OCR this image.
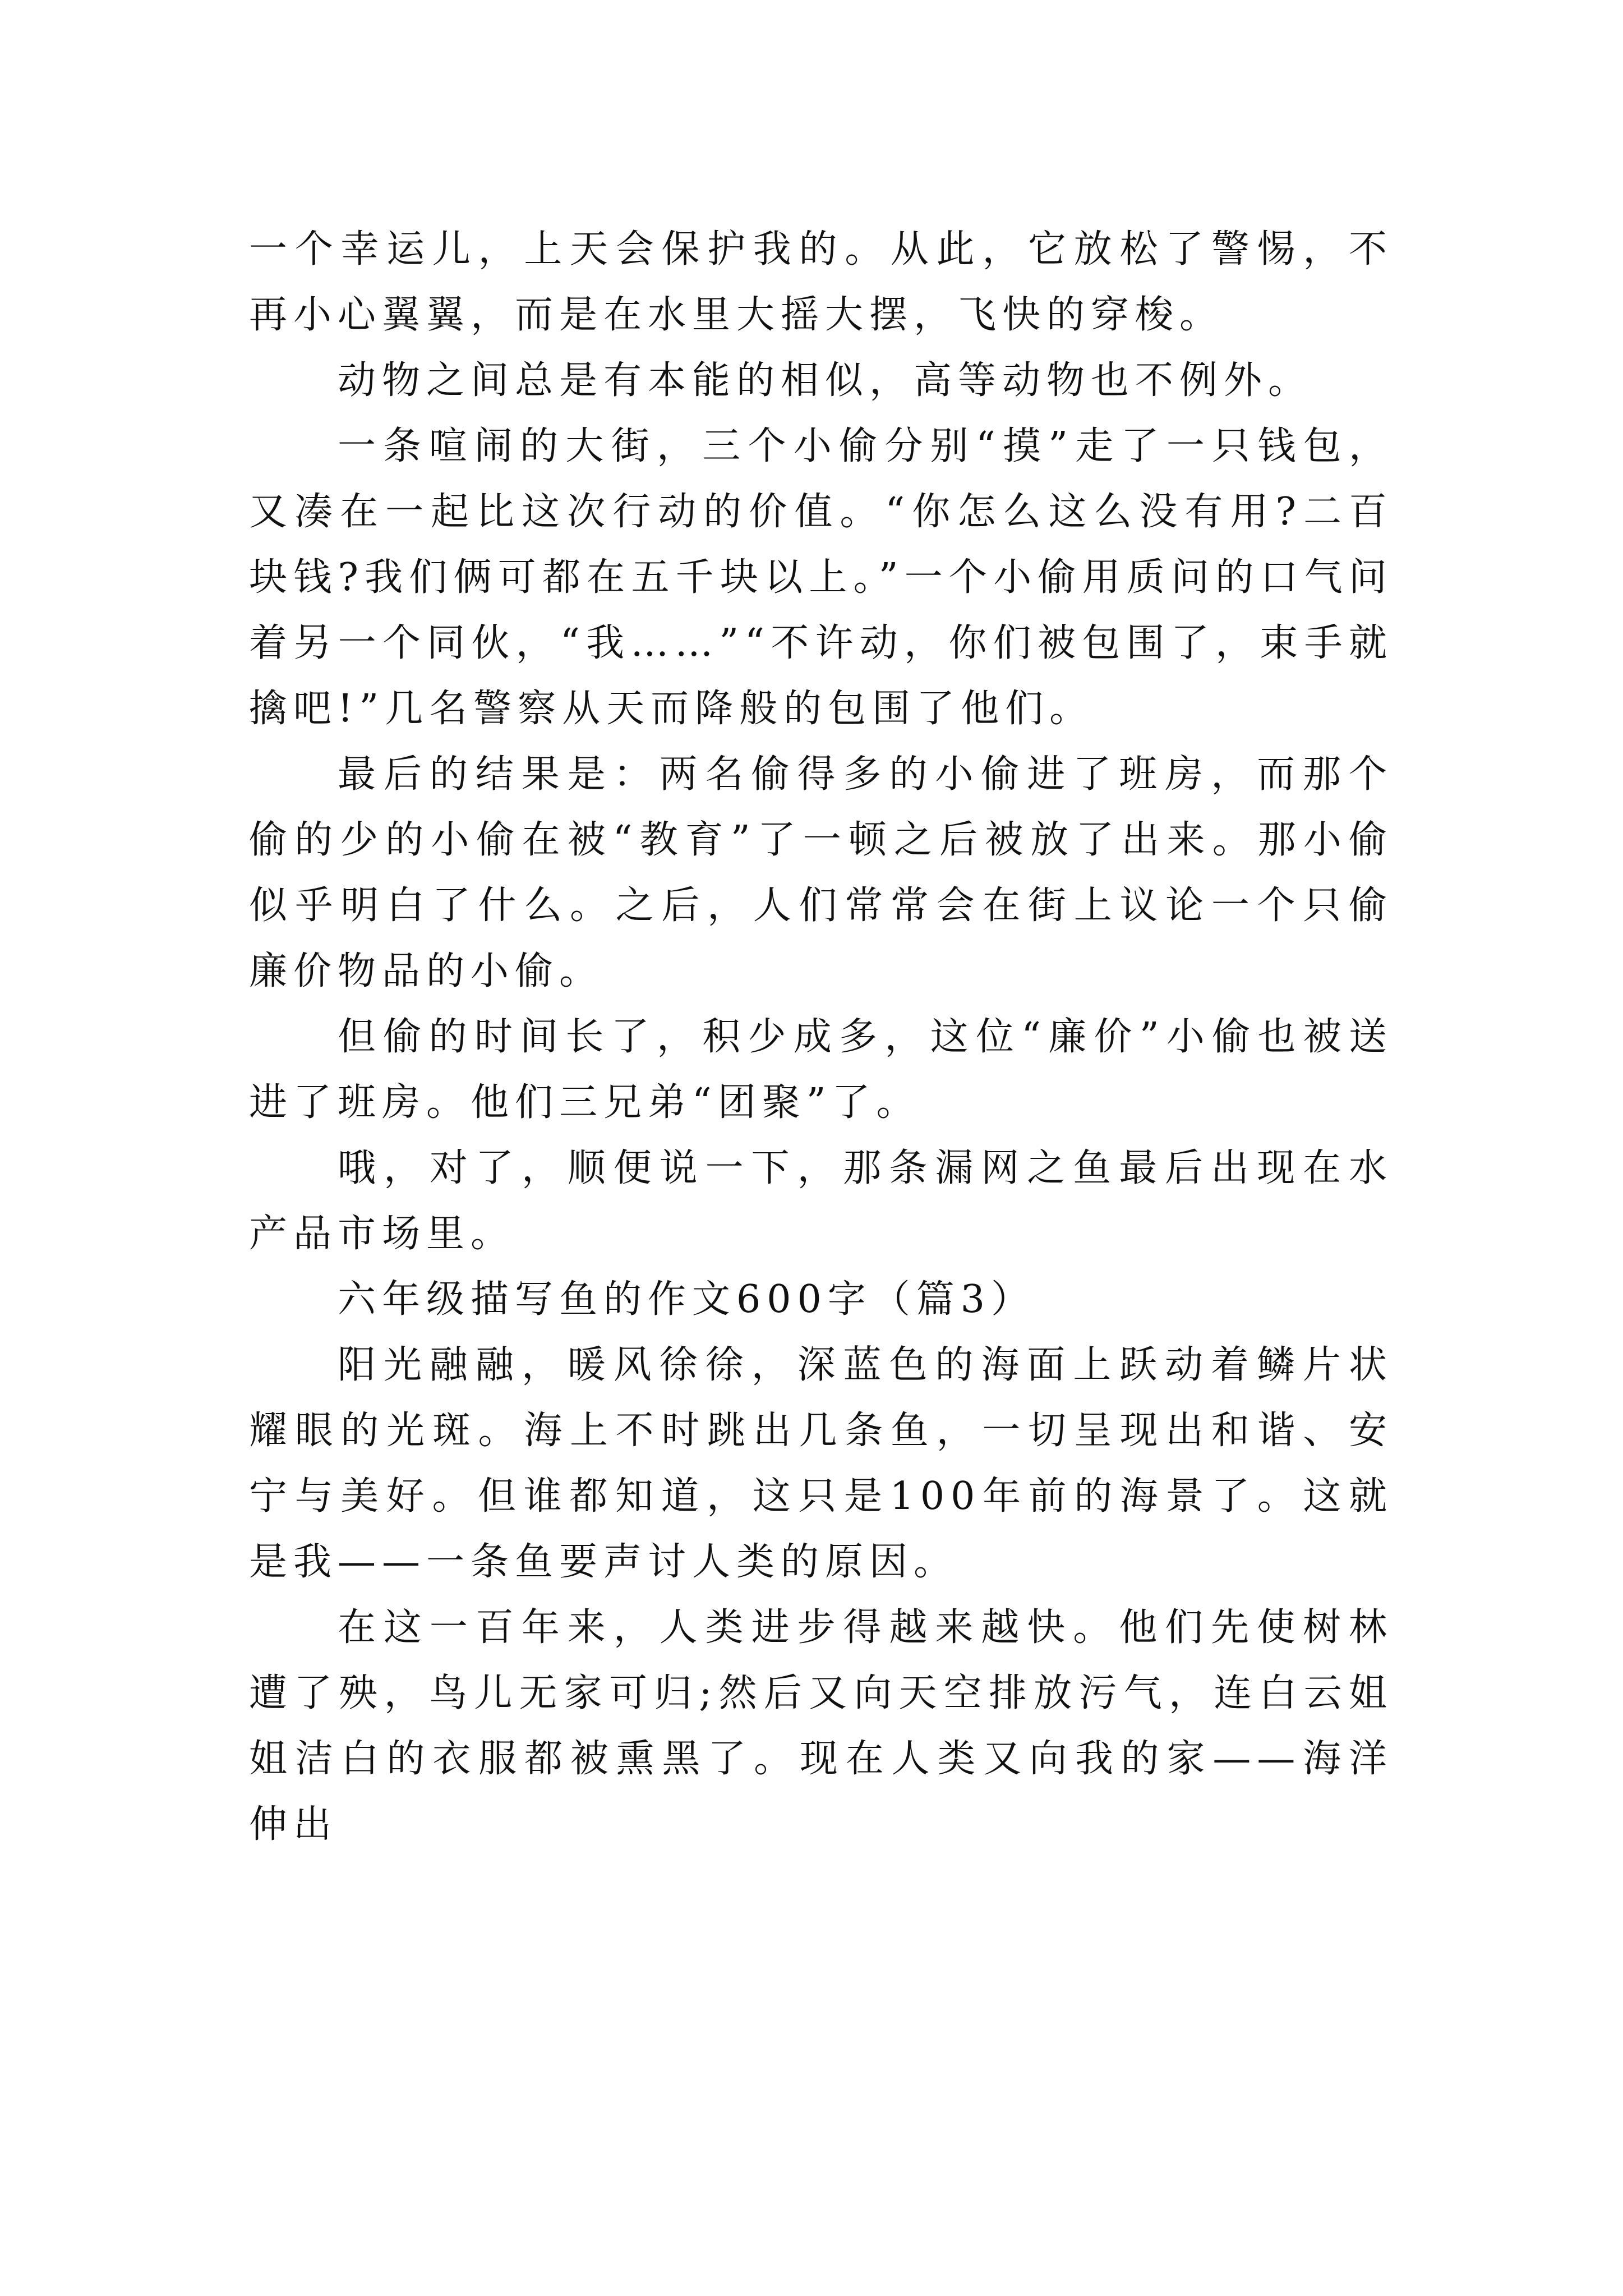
一个幸运儿，上天会保护我的。从此，它放松了警惕，不再小心翼翼，而是在水里大摇大摆，飞快的穿梭。

动物之间总是有本能的相似，高等动物也不例外。

一条喧闹的大街，三个小偷分别“摸”走了一只钱包，又凑在一起比这次行动的价值。“你怎么这么没有用?二百块钱?我们俩可都在五千块以上。”一个小偷用质问的口气问着另一个同伙，“我……”“不许动，你们被包围了，束手就擒吧!”几名警察从天而降般的包围了他们。

最后的结果是：两名偷得多的小偷进了班房，而那个偷的少的小偷在被“教育”了一顿之后被放了出来。那小偷似乎明白了什么。之后，人们常常会在街上议论一个只偷廉价物品的小偷。

但偷的时间长了，积少成多，这位“廉价”小偷也被送进了班房。他们三兄弟“团聚”了。

哦，对了，顺便说一下，那条漏网之鱼最后出现在水产品市场里。

六年级描写鱼的作文600字（篇3）

阳光融融，暖风徐徐，深蓝色的海面上跃动着鳞片状耀眼的光斑。海上不时跳出几条鱼，一切呈现出和谐、安宁与美好。但谁都知道，这只是100年前的海景了。这就是我——一条鱼要声讨人类的原因。

在这一百年来，人类进步得越来越快。他们先使树林遭了殃，鸟儿无家可归;然后又向天空排放污气，连白云姐姐洁白的衣服都被熏黑了。现在人类又向我的家——海洋伸出
